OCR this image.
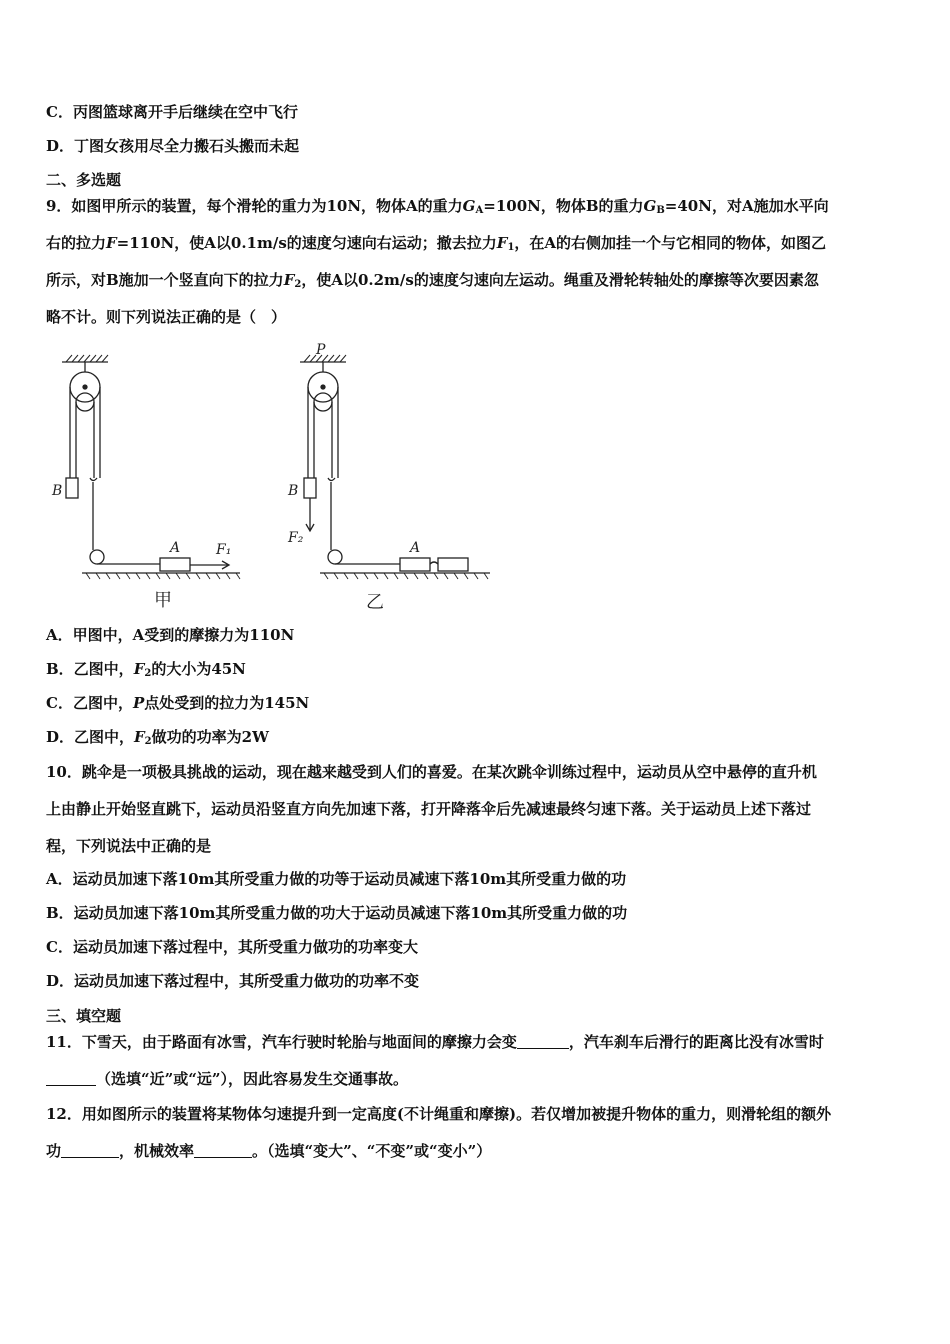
C．丙图篮球离开手后继续在空中飞行
D．丁图女孩用尽全力搬石头搬而未起
二、多选题
9．如图甲所示的装置，每个滑轮的重力为10N，物体A的重力$G_A=100N$，物体B的重力$G_B=40N$，对A施加水平向
右的拉力F=110N，使A以0.1m/s的速度匀速向右运动；撤去拉力$F_1$，在A的右侧加挂一个与它相同的物体，如图乙
所示，对B施加一个竖直向下的拉力$F_2$，使A以0.2m/s的速度匀速向左运动。绳重及滑轮转轴处的摩擦等次要因素忽
略不计。则下列说法正确的是（　）
B
A	F₁
P
B
F₂
A
甲	乙
A．甲图中，A受到的摩擦力为110N
B．乙图中，$F_2$的大小为45N
C．乙图中，P点处受到的拉力为145N
D．乙图中，$F_2$做功的功率为2W
10．跳伞是一项极具挑战的运动，现在越来越受到人们的喜爱。在某次跳伞训练过程中，运动员从空中悬停的直升机
上由静止开始竖直跳下，运动员沿竖直方向先加速下落，打开降落伞后先减速最终匀速下落。关于运动员上述下落过
程，下列说法中正确的是
A．运动员加速下落10m其所受重力做的功等于运动员减速下落10m其所受重力做的功
B．运动员加速下落10m其所受重力做的功大于运动员减速下落10m其所受重力做的功
C．运动员加速下落过程中，其所受重力做功的功率变大
D．运动员加速下落过程中，其所受重力做功的功率不变
三、填空题
11．下雪天，由于路面有冰雪，汽车行驶时轮胎与地面间的摩擦力会变	，汽车刹车后滑行的距离比没有冰雪时
（选填“近”或“远”），因此容易发生交通事故。
12．用如图所示的装置将某物体匀速提升到一定高度(不计绳重和摩擦)。若仅增加被提升物体的重力，则滑轮组的额外
功	，机械效率	。（选填“变大”、“不变”或“变小”）
